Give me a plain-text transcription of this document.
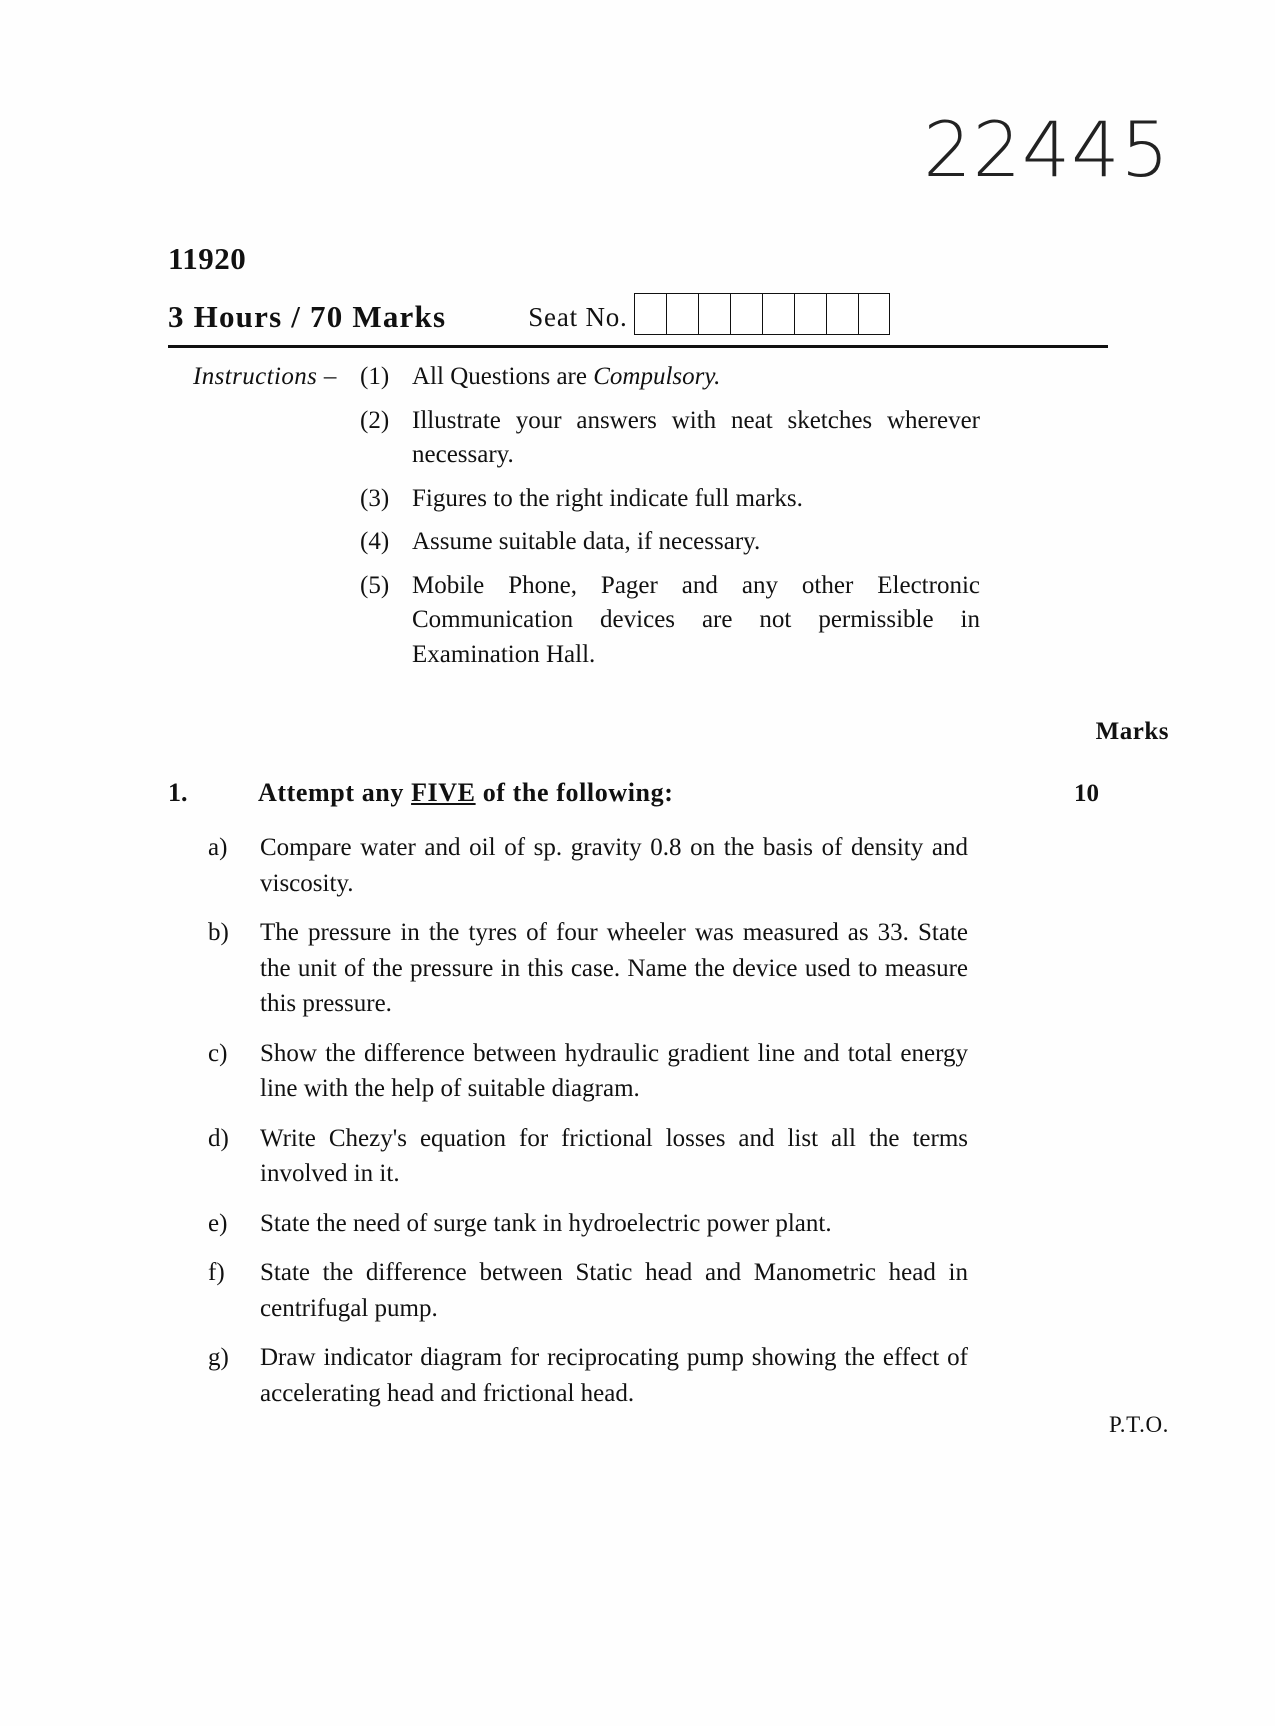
22445
11920
3 Hours / 70 Marks	Seat No.
Instructions – (1) All Questions are Compulsory.
(2) Illustrate your answers with neat sketches wherever necessary.
(3) Figures to the right indicate full marks.
(4) Assume suitable data, if necessary.
(5) Mobile Phone, Pager and any other Electronic Communication devices are not permissible in Examination Hall.
Marks
1.	Attempt any FIVE of the following:	10
a)	Compare water and oil of sp. gravity 0.8 on the basis of density and viscosity.
b)	The pressure in the tyres of four wheeler was measured as 33. State the unit of the pressure in this case. Name the device used to measure this pressure.
c)	Show the difference between hydraulic gradient line and total energy line with the help of suitable diagram.
d)	Write Chezy's equation for frictional losses and list all the terms involved in it.
e)	State the need of surge tank in hydroelectric power plant.
f)	State the difference between Static head and Manometric head in centrifugal pump.
g)	Draw indicator diagram for reciprocating pump showing the effect of accelerating head and frictional head.
P.T.O.
